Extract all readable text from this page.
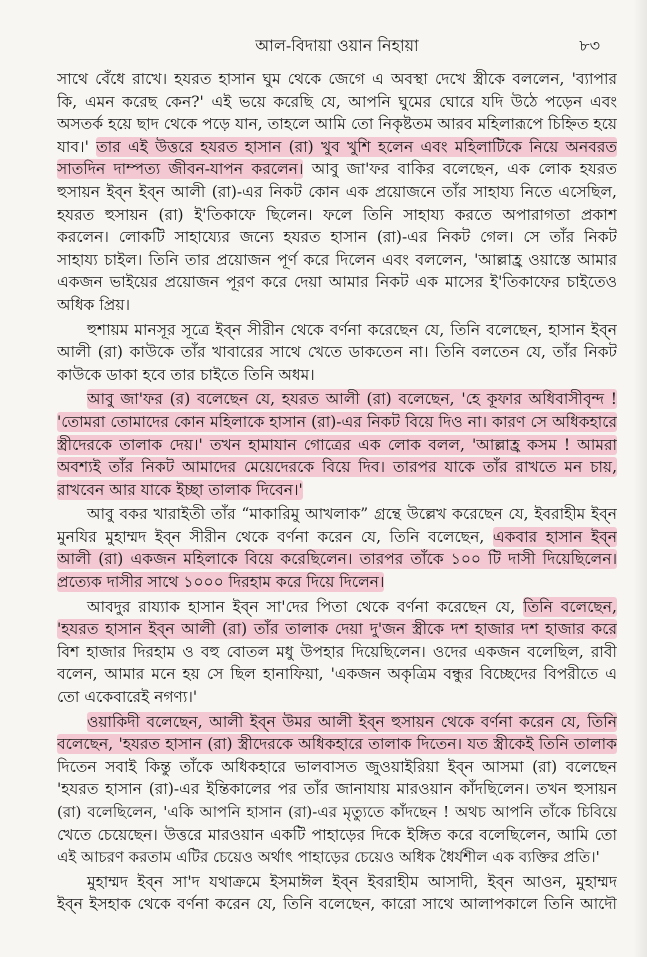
আল-বিদায়া ওয়ান নিহায়া	৮৩
সাথে বেঁধে রাখে। হযরত হাসান ঘুম থেকে জেগে এ অবস্থা দেখে স্ত্রীকে বললেন, 'ব্যাপার
কি, এমন করেছ কেন?' এই ভয়ে করেছি যে, আপনি ঘুমের ঘোরে যদি উঠে পড়েন এবং
অসতর্ক হয়ে ছাদ থেকে পড়ে যান, তাহলে আমি তো নিকৃষ্টতম আরব মহিলারূপে চিহ্নিত হয়ে
যাব।' তার এই উত্তরে হযরত হাসান (রা) খুব খুশি হলেন এবং মহিলাটিকে নিয়ে অনবরত
সাতদিন দাম্পত্য জীবন-যাপন করলেন। আবু জা'ফর বাকির বলেছেন, এক লোক হযরত
হুসায়ন ইব্ন ইব্ন আলী (রা)-এর নিকট কোন এক প্রয়োজনে তাঁর সাহায্য নিতে এসেছিল,
হযরত হুসায়ন (রা) ই'তিকাফে ছিলেন। ফলে তিনি সাহায্য করতে অপারাগতা প্রকাশ
করলেন। লোকটি সাহায্যের জন্যে হযরত হাসান (রা)-এর নিকট গেল। সে তাঁর নিকট
সাহায্য চাইল। তিনি তার প্রয়োজন পূর্ণ করে দিলেন এবং বললেন, 'আল্লাহ্র ওয়াস্তে আমার
একজন ভাইয়ের প্রয়োজন পূরণ করে দেয়া আমার নিকট এক মাসের ই'তিকাফের চাইতেও
অধিক প্রিয়।
হুশায়ম মানসূর সূত্রে ইব্ন সীরীন থেকে বর্ণনা করেছেন যে, তিনি বলেছেন, হাসান ইব্ন
আলী (রা) কাউকে তাঁর খাবারের সাথে খেতে ডাকতেন না। তিনি বলতেন যে, তাঁর নিকট
কাউকে ডাকা হবে তার চাইতে তিনি অধম।
আবু জা'ফর (র) বলেছেন যে, হযরত আলী (রা) বলেছেন, 'হে কূফার অধিবাসীবৃন্দ !
'তোমরা তোমাদের কোন মহিলাকে হাসান (রা)-এর নিকট বিয়ে দিও না। কারণ সে অধিকহারে
স্ত্রীদেরকে তালাক দেয়।' তখন হামাযান গোত্রের এক লোক বলল, 'আল্লাহ্র কসম ! আমরা
অবশ্যই তাঁর নিকট আমাদের মেয়েদেরকে বিয়ে দিব। তারপর যাকে তাঁর রাখতে মন চায়,
রাখবেন আর যাকে ইচ্ছা তালাক দিবেন।'
আবু বকর খারাইতী তাঁর “মাকারিমু আখলাক” গ্রন্থে উল্লেখ করেছেন যে, ইবরাহীম ইব্ন
মুনযির মুহাম্মদ ইব্ন সীরীন থেকে বর্ণনা করেন যে, তিনি বলেছেন, একবার হাসান ইব্ন
আলী (রা) একজন মহিলাকে বিয়ে করেছিলেন। তারপর তাঁকে ১০০ টি দাসী দিয়েছিলেন।
প্রত্যেক দাসীর সাথে ১০০০ দিরহাম করে দিয়ে দিলেন।
আবদুর রায্যাক হাসান ইব্ন সা'দের পিতা থেকে বর্ণনা করেছেন যে, তিনি বলেছেন,
'হযরত হাসান ইব্ন আলী (রা) তাঁর তালাক দেয়া দু'জন স্ত্রীকে দশ হাজার দশ হাজার করে
বিশ হাজার দিরহাম ও বহু বোতল মধু উপহার দিয়েছিলেন। ওদের একজন বলেছিল, রাবী
বলেন, আমার মনে হয় সে ছিল হানাফিয়া, 'একজন অকৃত্রিম বন্ধুর বিচ্ছেদের বিপরীতে এ
তো একেবারেই নগণ্য।'
ওয়াকিদী বলেছেন, আলী ইব্ন উমর আলী ইব্ন হুসায়ন থেকে বর্ণনা করেন যে, তিনি
বলেছেন, 'হযরত হাসান (রা) স্ত্রীদেরকে অধিকহারে তালাক দিতেন। যত স্ত্রীকেই তিনি তালাক
দিতেন সবাই কিন্তু তাঁকে অধিকহারে ভালবাসত জুওয়াইরিয়া ইব্ন আসমা (রা) বলেছেন
'হযরত হাসান (রা)-এর ইন্তিকালের পর তাঁর জানাযায় মারওয়ান কাঁদছিলেন। তখন হুসায়ন
(রা) বলেছিলেন, 'একি আপনি হাসান (রা)-এর মৃত্যুতে কাঁদছেন ! অথচ আপনি তাঁকে চিবিয়ে
খেতে চেয়েছেন। উত্তরে মারওয়ান একটি পাহাড়ের দিকে ইঙ্গিত করে বলেছিলেন, আমি তো
এই আচরণ করতাম এটির চেয়েও অর্থাৎ পাহাড়ের চেয়েও অধিক ধৈর্যশীল এক ব্যক্তির প্রতি।'
মুহাম্মদ ইব্ন সা'দ যথাক্রমে ইসমাঈল ইব্ন ইবরাহীম আসাদী, ইব্ন আওন, মুহাম্মদ
ইব্ন ইসহাক থেকে বর্ণনা করেন যে, তিনি বলেছেন, কারো সাথে আলাপকালে তিনি আদৌ
